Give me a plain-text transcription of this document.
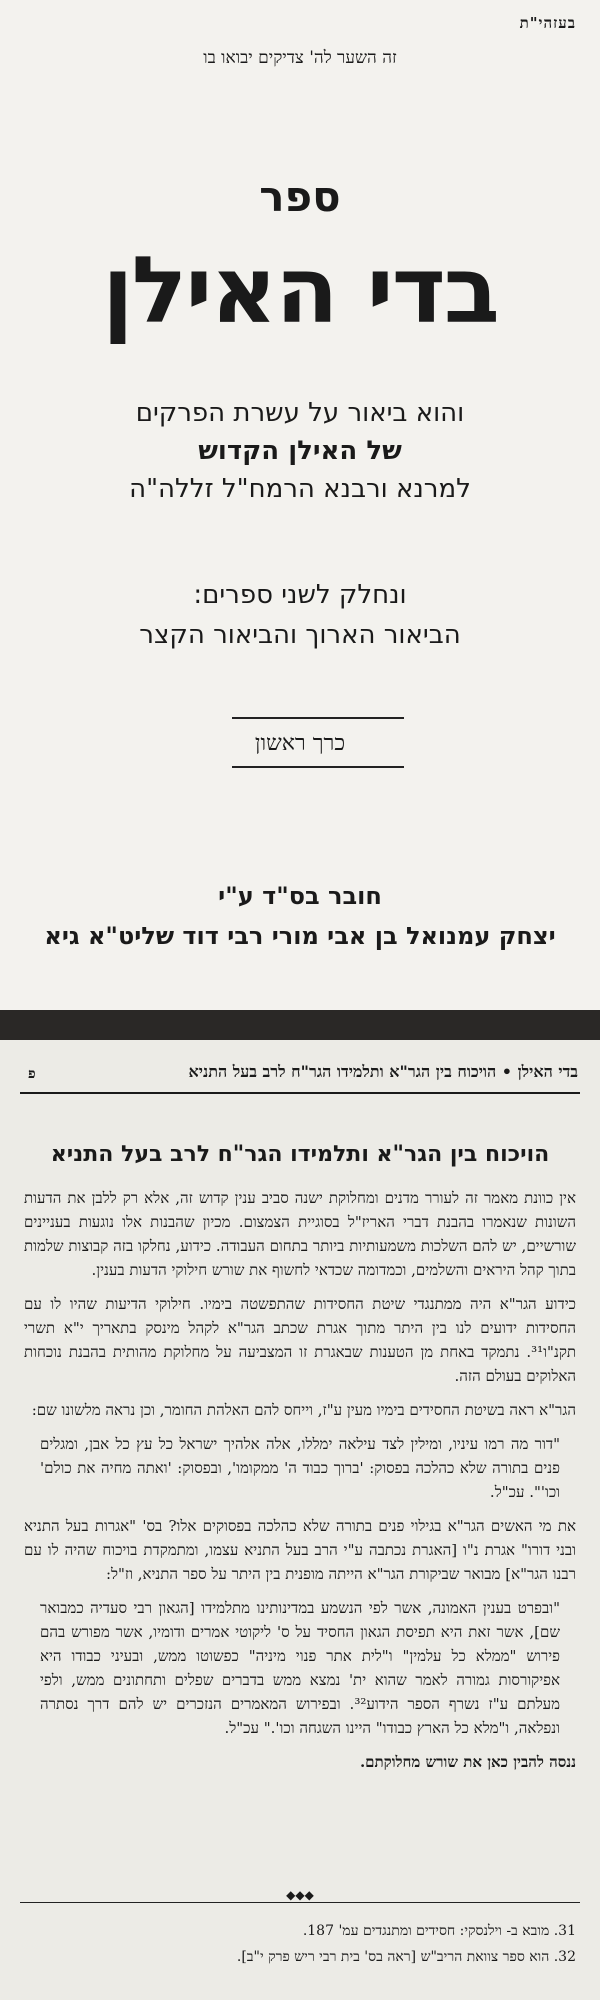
בעזהי"ת
זה השער לה' צדיקים יבואו בו
ספר
בדי האילן
והוא ביאור על עשרת הפרקים
של האילן הקדוש
למרנא ורבנא הרמח"ל זללה"ה
ונחלק לשני ספרים:
הביאור הארוך והביאור הקצר
כרך ראשון
חובר בס"ד ע"י
יצחק עמנואל בן אבי מורי רבי דוד שליט"א גיא
בדי האילן • הויכוח בין הגר"א ותלמידו הגר"ח לרב בעל התניא
פ
הויכוח בין הגר"א ותלמידו הגר"ח לרב בעל התניא

אין כוונת מאמר זה לעורר מדנים ומחלוקת ישנה סביב ענין קדוש זה, אלא רק ללבן את הדעות השונות שנאמרו בהבנת דברי האריז"ל בסוגיית הצמצום. מכיון שהבנות אלו נוגעות בעניינים שורשיים, יש להם השלכות משמעותיות ביותר בתחום העבודה. כידוע, נחלקו בזה קבוצות שלמות בתוך קהל היראים והשלמים, וכמדומה שכדאי לחשוף את שורש חילוקי הדעות בענין.

כידוע הגר"א היה ממתנגדי שיטת החסידות שהתפשטה בימיו. חילוקי הדיעות שהיו לו עם החסידות ידועים לנו בין היתר מתוך אגרת שכתב הגר"א לקהל מינסק בתאריך י"א תשרי תקנ"ו³¹. נתמקד באחת מן הטענות שבאגרת זו המצביעה על מחלוקת מהותית בהבנת נוכחות האלוקים בעולם הזה.

הגר"א ראה בשיטת החסידים בימיו מעין ע"ז, וייחס להם האלהת החומר, וכן נראה מלשונו שם:

"דור מה רמו עיניו, ומילין לצד עילאה ימללו, אלה אלהיך ישראל כל עץ כל אבן, ומגלים פנים בתורה שלא כהלכה בפסוק: 'ברוך כבוד ה' ממקומו', ובפסוק: 'ואתה מחיה את כולם' וכו'". עכ"ל.

את מי האשים הגר"א בגילוי פנים בתורה שלא כהלכה בפסוקים אלו? בס' "אגרות בעל התניא ובני דורו" אגרת נ"ו [האגרת נכתבה ע"י הרב בעל התניא עצמו, ומתמקדת בויכוח שהיה לו עם רבנו הגר"א] מבואר שביקורת הגר"א הייתה מופנית בין היתר על ספר התניא, וז"ל:

"ובפרט בענין האמונה, אשר לפי הנשמע במדינותינו מתלמידו [הגאון רבי סעדיה כמבואר שם], אשר זאת היא תפיסת הגאון החסיד על ס' ליקוטי אמרים ודומיו, אשר מפורש בהם פירוש "ממלא כל עלמין" ו"לית אתר פנוי מיניה" כפשוטו ממש, ובעיני כבודו היא אפיקורסות גמורה לאמר שהוא ית' נמצא ממש בדברים שפלים ותחתונים ממש, ולפי מעלתם ע"ז נשרף הספר הידוע³². ובפירוש המאמרים הנזכרים יש להם דרך נסתרה ונפלאה, ו"מלא כל הארץ כבודו" היינו השגחה וכו'." עכ"ל.

ננסה להבין כאן את שורש מחלוקתם.

◆◆◆
31. מובא ב- וילנסקי: חסידים ומתנגדים עמ' 187.
32. הוא ספר צוואת הריב"ש [ראה בס' בית רבי ריש פרק י"ב].
